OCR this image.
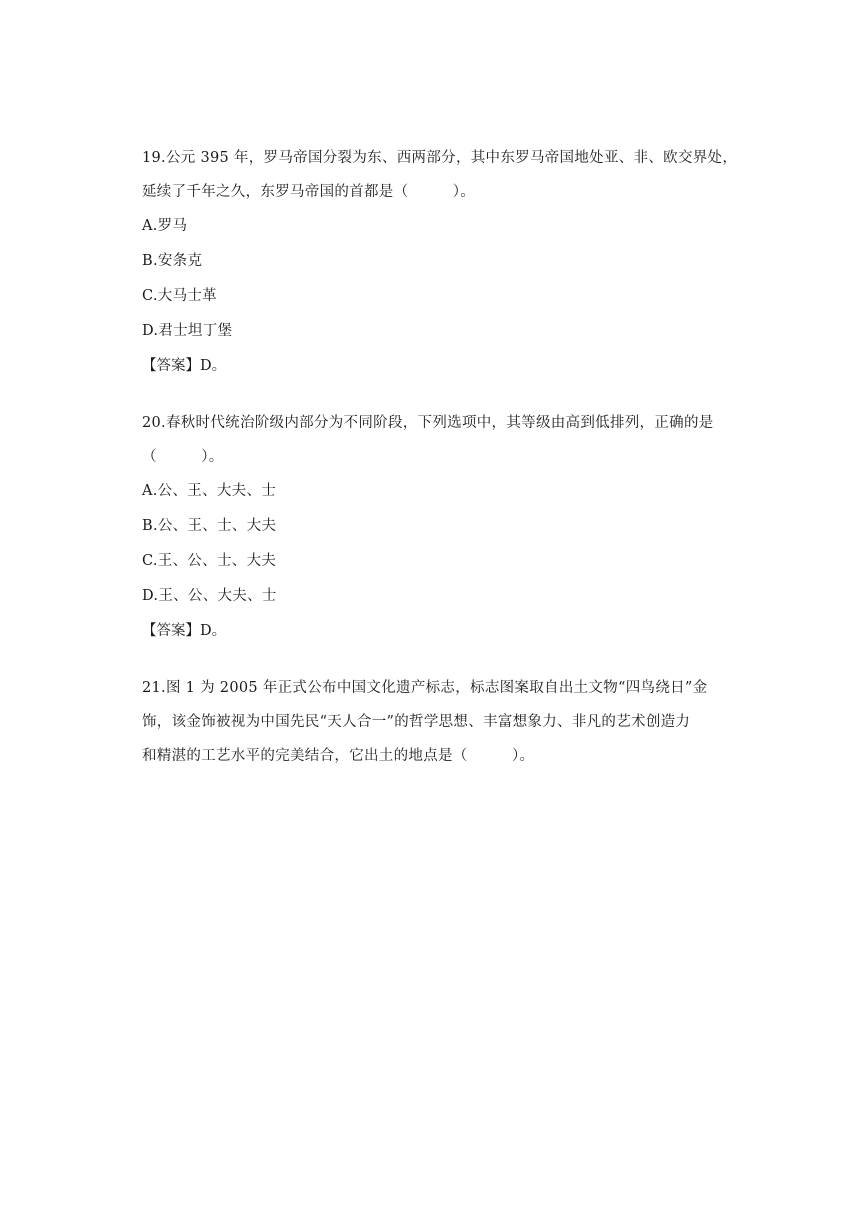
19.公元 395 年，罗马帝国分裂为东、西两部分，其中东罗马帝国地处亚、非、欧交界处，
延续了千年之久，东罗马帝国的首都是（　　　）。

A.罗马

B.安条克

C.大马士革

D.君士坦丁堡

【答案】D。

20.春秋时代统治阶级内部分为不同阶段，下列选项中，其等级由高到低排列，正确的是
（　　　）。

A.公、王、大夫、士

B.公、王、士、大夫

C.王、公、士、大夫

D.王、公、大夫、士

【答案】D。

21.图 1 为 2005 年正式公布中国文化遗产标志，标志图案取自出土文物“四鸟绕日”金
饰，该金饰被视为中国先民“天人合一”的哲学思想、丰富想象力、非凡的艺术创造力
和精湛的工艺水平的完美结合，它出土的地点是（　　　）。
